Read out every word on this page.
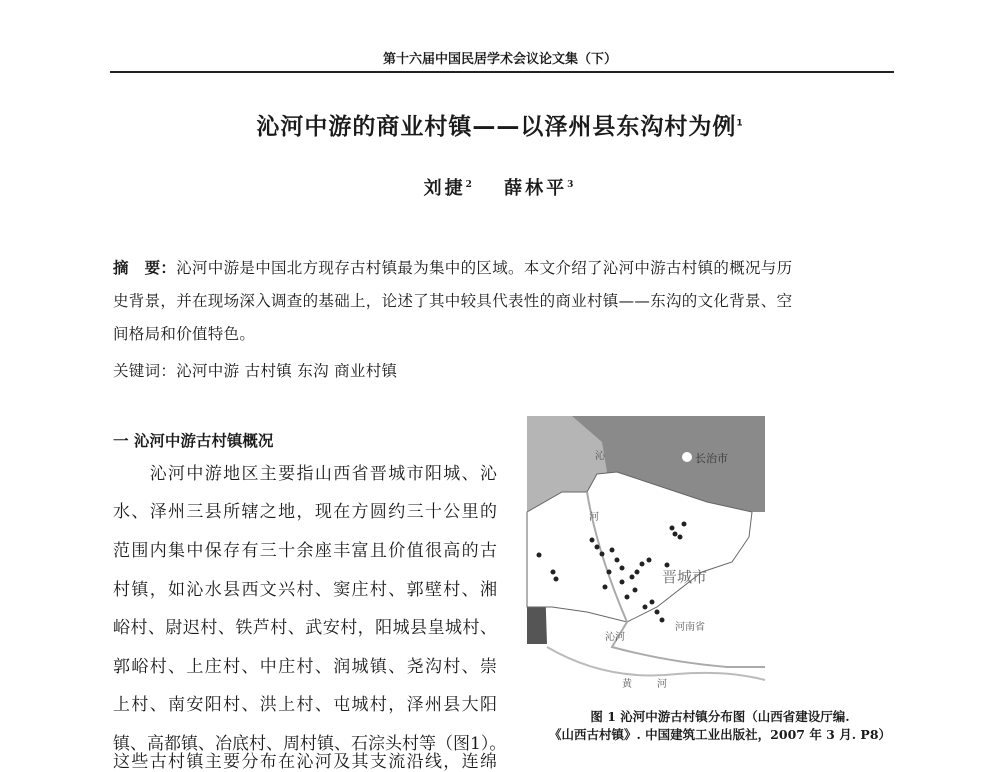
第十六届中国民居学术会议论文集（下）
沁河中游的商业村镇——以泽州县东沟村为例$^1$
刘捷$^2$ 薛林平$^3$
摘　要：沁河中游是中国北方现存古村镇最为集中的区域。本文介绍了沁河中游古村镇的概况与历
史背景，并在现场深入调查的基础上，论述了其中较具代表性的商业村镇——东沟的文化背景、空
间格局和价值特色。
关键词：沁河中游 古村镇 东沟 商业村镇
一 沁河中游古村镇概况
　　沁河中游地区主要指山西省晋城市阳城、沁
水、泽州三县所辖之地，现在方圆约三十公里的
范围内集中保存有三十余座丰富且价值很高的古
村镇，如沁水县西文兴村、窦庄村、郭壁村、湘
峪村、尉迟村、铁芦村、武安村，阳城县皇城村、
郭峪村、上庄村、中庄村、润城镇、尧沟村、崇
上村、南安阳村、洪上村、屯城村，泽州县大阳
镇、高都镇、冶底村、周村镇、石淙头村等（图1）。
这些古村镇主要分布在沁河及其支流沿线，连绵
沁	长治市
河
晋城市
河南省
沁河
黄	河
图 1 沁河中游古村镇分布图（山西省建设厅编.
《山西古村镇》. 中国建筑工业出版社，2007 年 3 月. P8）
